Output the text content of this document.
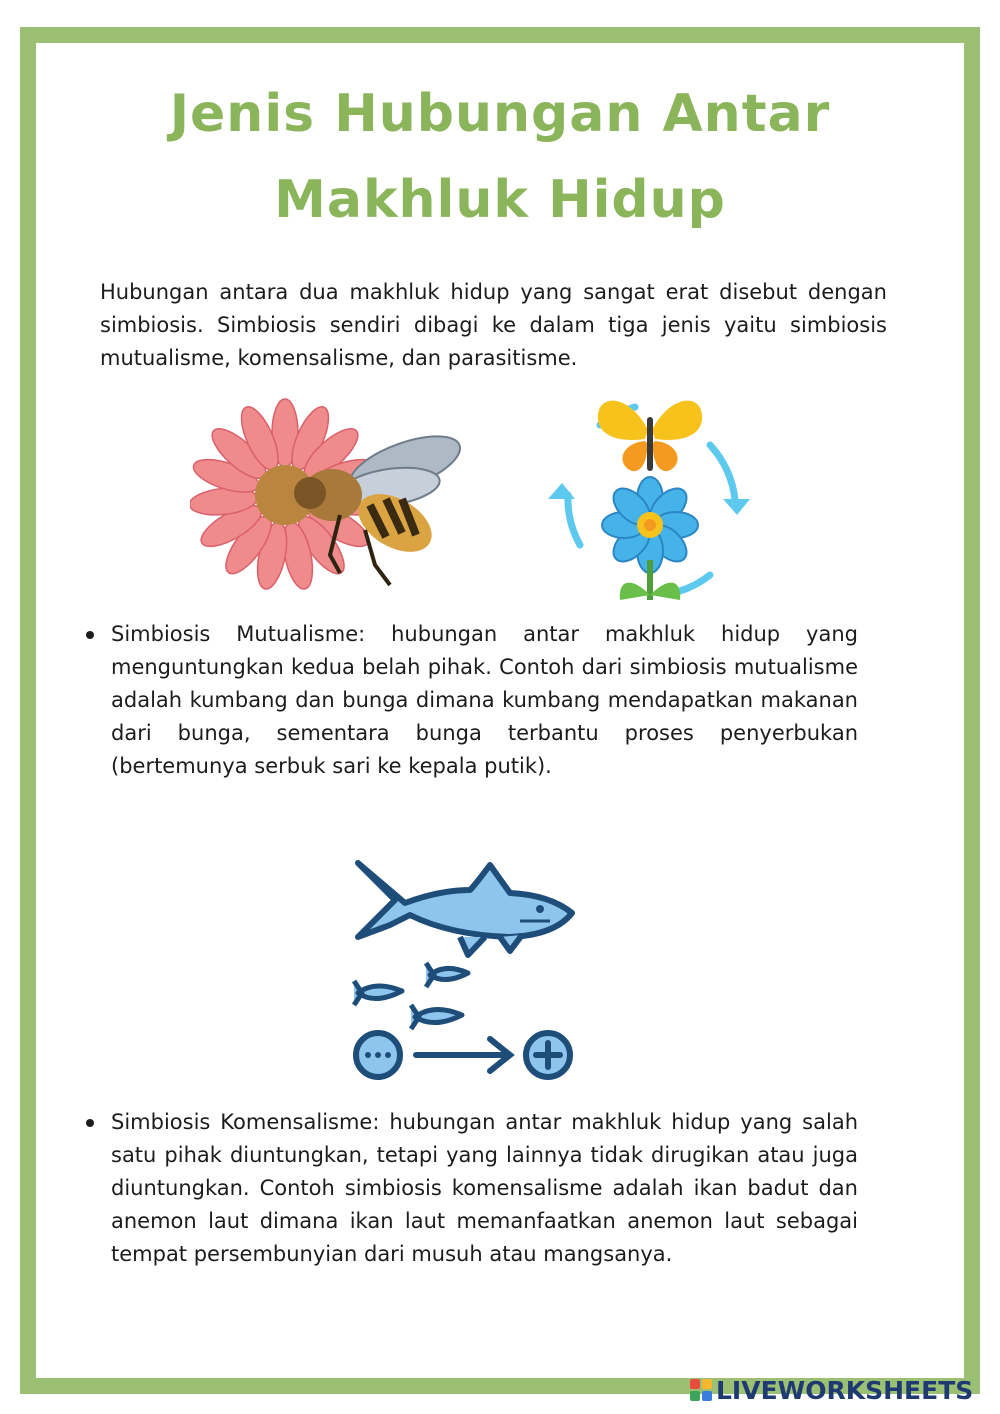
Jenis Hubungan Antar
Makhluk Hidup

Hubungan antara dua makhluk hidup yang sangat erat disebut dengan simbiosis. Simbiosis sendiri dibagi ke dalam tiga jenis yaitu simbiosis mutualisme, komensalisme, dan parasitisme.

Simbiosis Mutualisme: hubungan antar makhluk hidup yang menguntungkan kedua belah pihak. Contoh dari simbiosis mutualisme adalah kumbang dan bunga dimana kumbang mendapatkan makanan dari bunga, sementara bunga terbantu proses penyerbukan (bertemunya serbuk sari ke kepala putik).

Simbiosis Komensalisme: hubungan antar makhluk hidup yang salah satu pihak diuntungkan, tetapi yang lainnya tidak dirugikan atau juga diuntungkan. Contoh simbiosis komensalisme adalah ikan badut dan anemon laut dimana ikan laut memanfaatkan anemon laut sebagai tempat persembunyian dari musuh atau mangsanya.

LIVEWORKSHEETS
